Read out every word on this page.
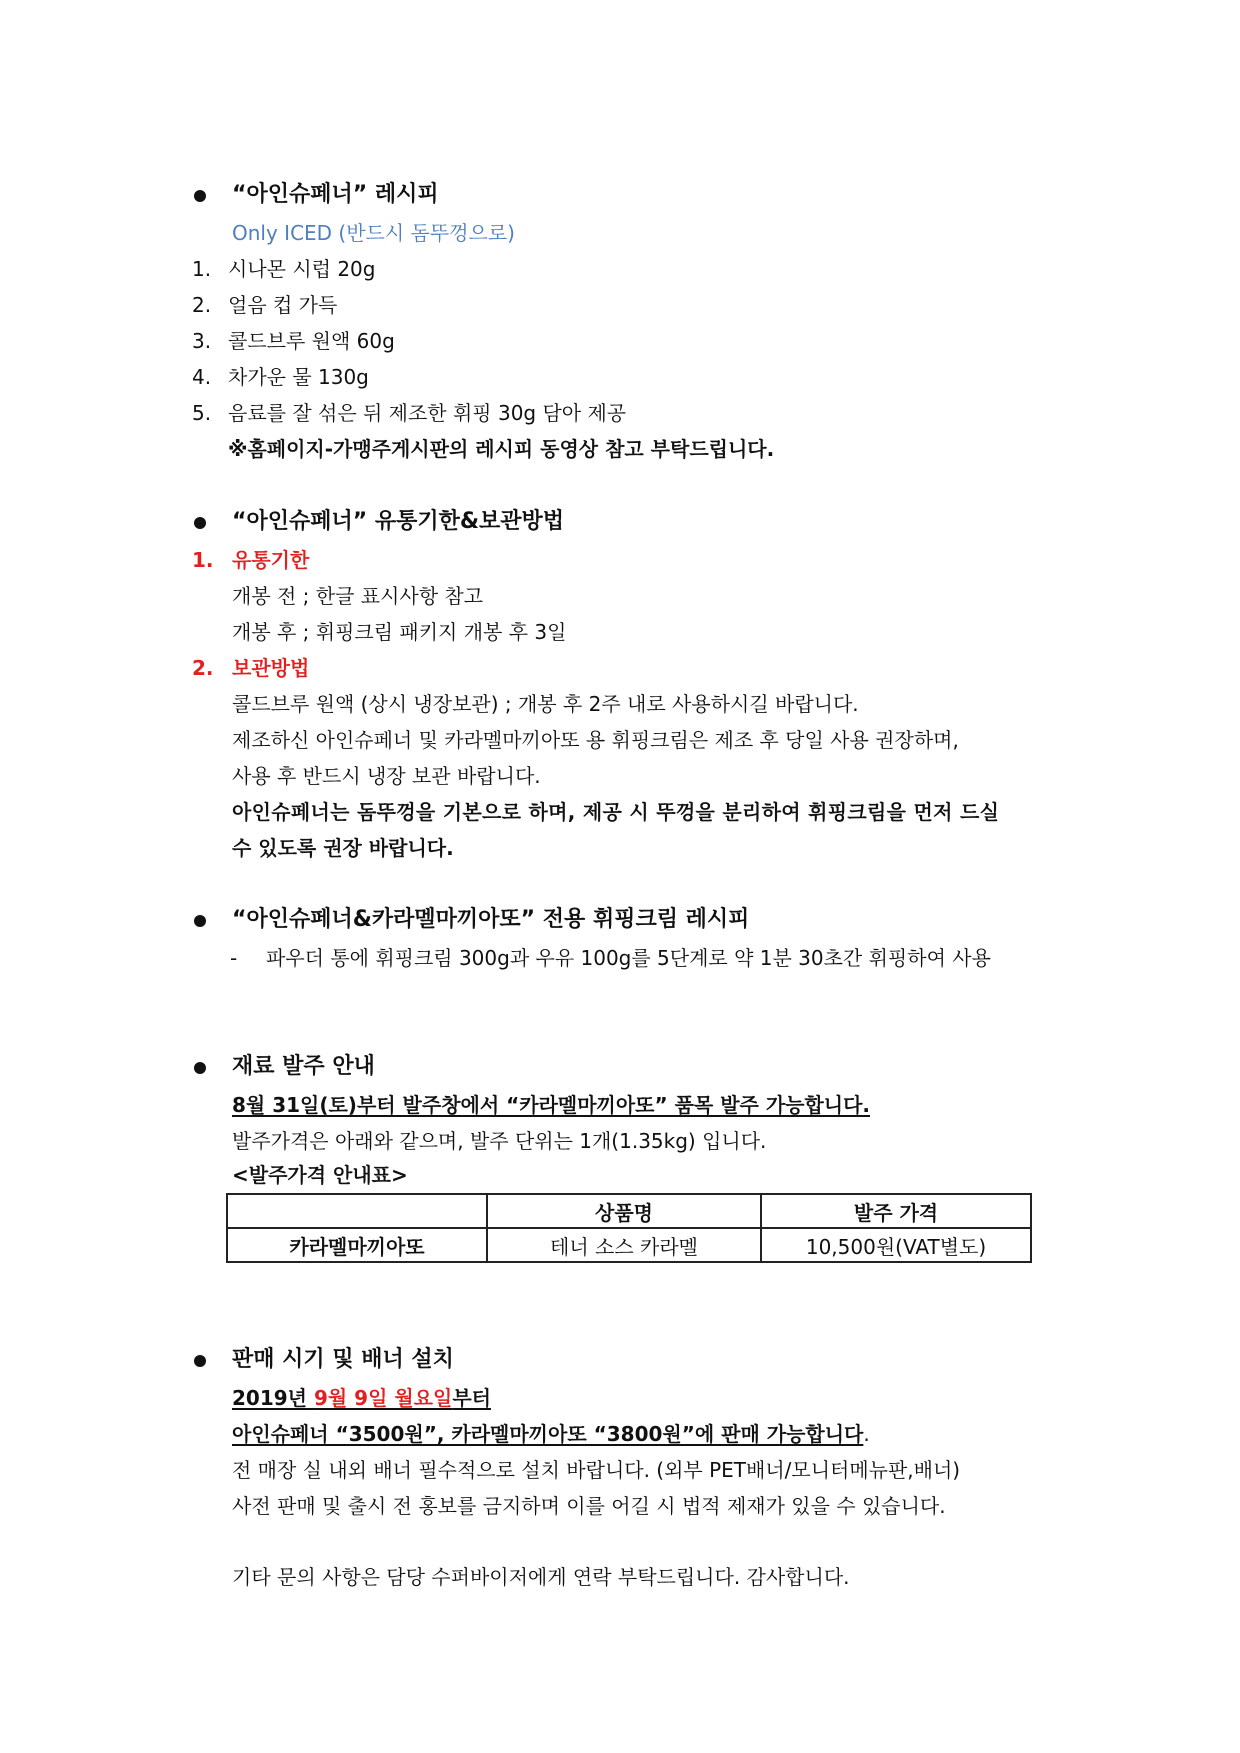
“아인슈페너” 레시피
Only ICED (반드시 돔뚜껑으로)
1. 시나몬 시럽 20g
2. 얼음 컵 가득
3. 콜드브루 원액 60g
4. 차가운 물 130g
5. 음료를 잘 섞은 뒤 제조한 휘핑 30g 담아 제공
※홈페이지-가맹주게시판의 레시피 동영상 참고 부탁드립니다.
“아인슈페너” 유통기한&보관방법
1. 유통기한
개봉 전 ; 한글 표시사항 참고
개봉 후 ; 휘핑크림 패키지 개봉 후 3일
2. 보관방법
콜드브루 원액 (상시 냉장보관) ; 개봉 후 2주 내로 사용하시길 바랍니다.
제조하신 아인슈페너 및 카라멜마끼아또 용 휘핑크림은 제조 후 당일 사용 권장하며,
사용 후 반드시 냉장 보관 바랍니다.
아인슈페너는 돔뚜껑을 기본으로 하며, 제공 시 뚜껑을 분리하여 휘핑크림을 먼저 드실
수 있도록 권장 바랍니다.
“아인슈페너&카라멜마끼아또” 전용 휘핑크림 레시피
- 파우더 통에 휘핑크림 300g과 우유 100g를 5단계로 약 1분 30초간 휘핑하여 사용
재료 발주 안내
8월 31일(토)부터 발주창에서 “카라멜마끼아또” 품목 발주 가능합니다.
발주가격은 아래와 같으며, 발주 단위는 1개(1.35kg) 입니다.
<발주가격 안내표>
	상품명	발주 가격
카라멜마끼아또	테너 소스 카라멜	10,500원(VAT별도)
판매 시기 및 배너 설치
2019년 9월 9일 월요일부터
아인슈페너 “3500원”, 카라멜마끼아또 “3800원”에 판매 가능합니다.
전 매장 실 내외 배너 필수적으로 설치 바랍니다. (외부 PET배너/모니터메뉴판,배너)
사전 판매 및 출시 전 홍보를 금지하며 이를 어길 시 법적 제재가 있을 수 있습니다.
기타 문의 사항은 담당 수퍼바이저에게 연락 부탁드립니다. 감사합니다.
